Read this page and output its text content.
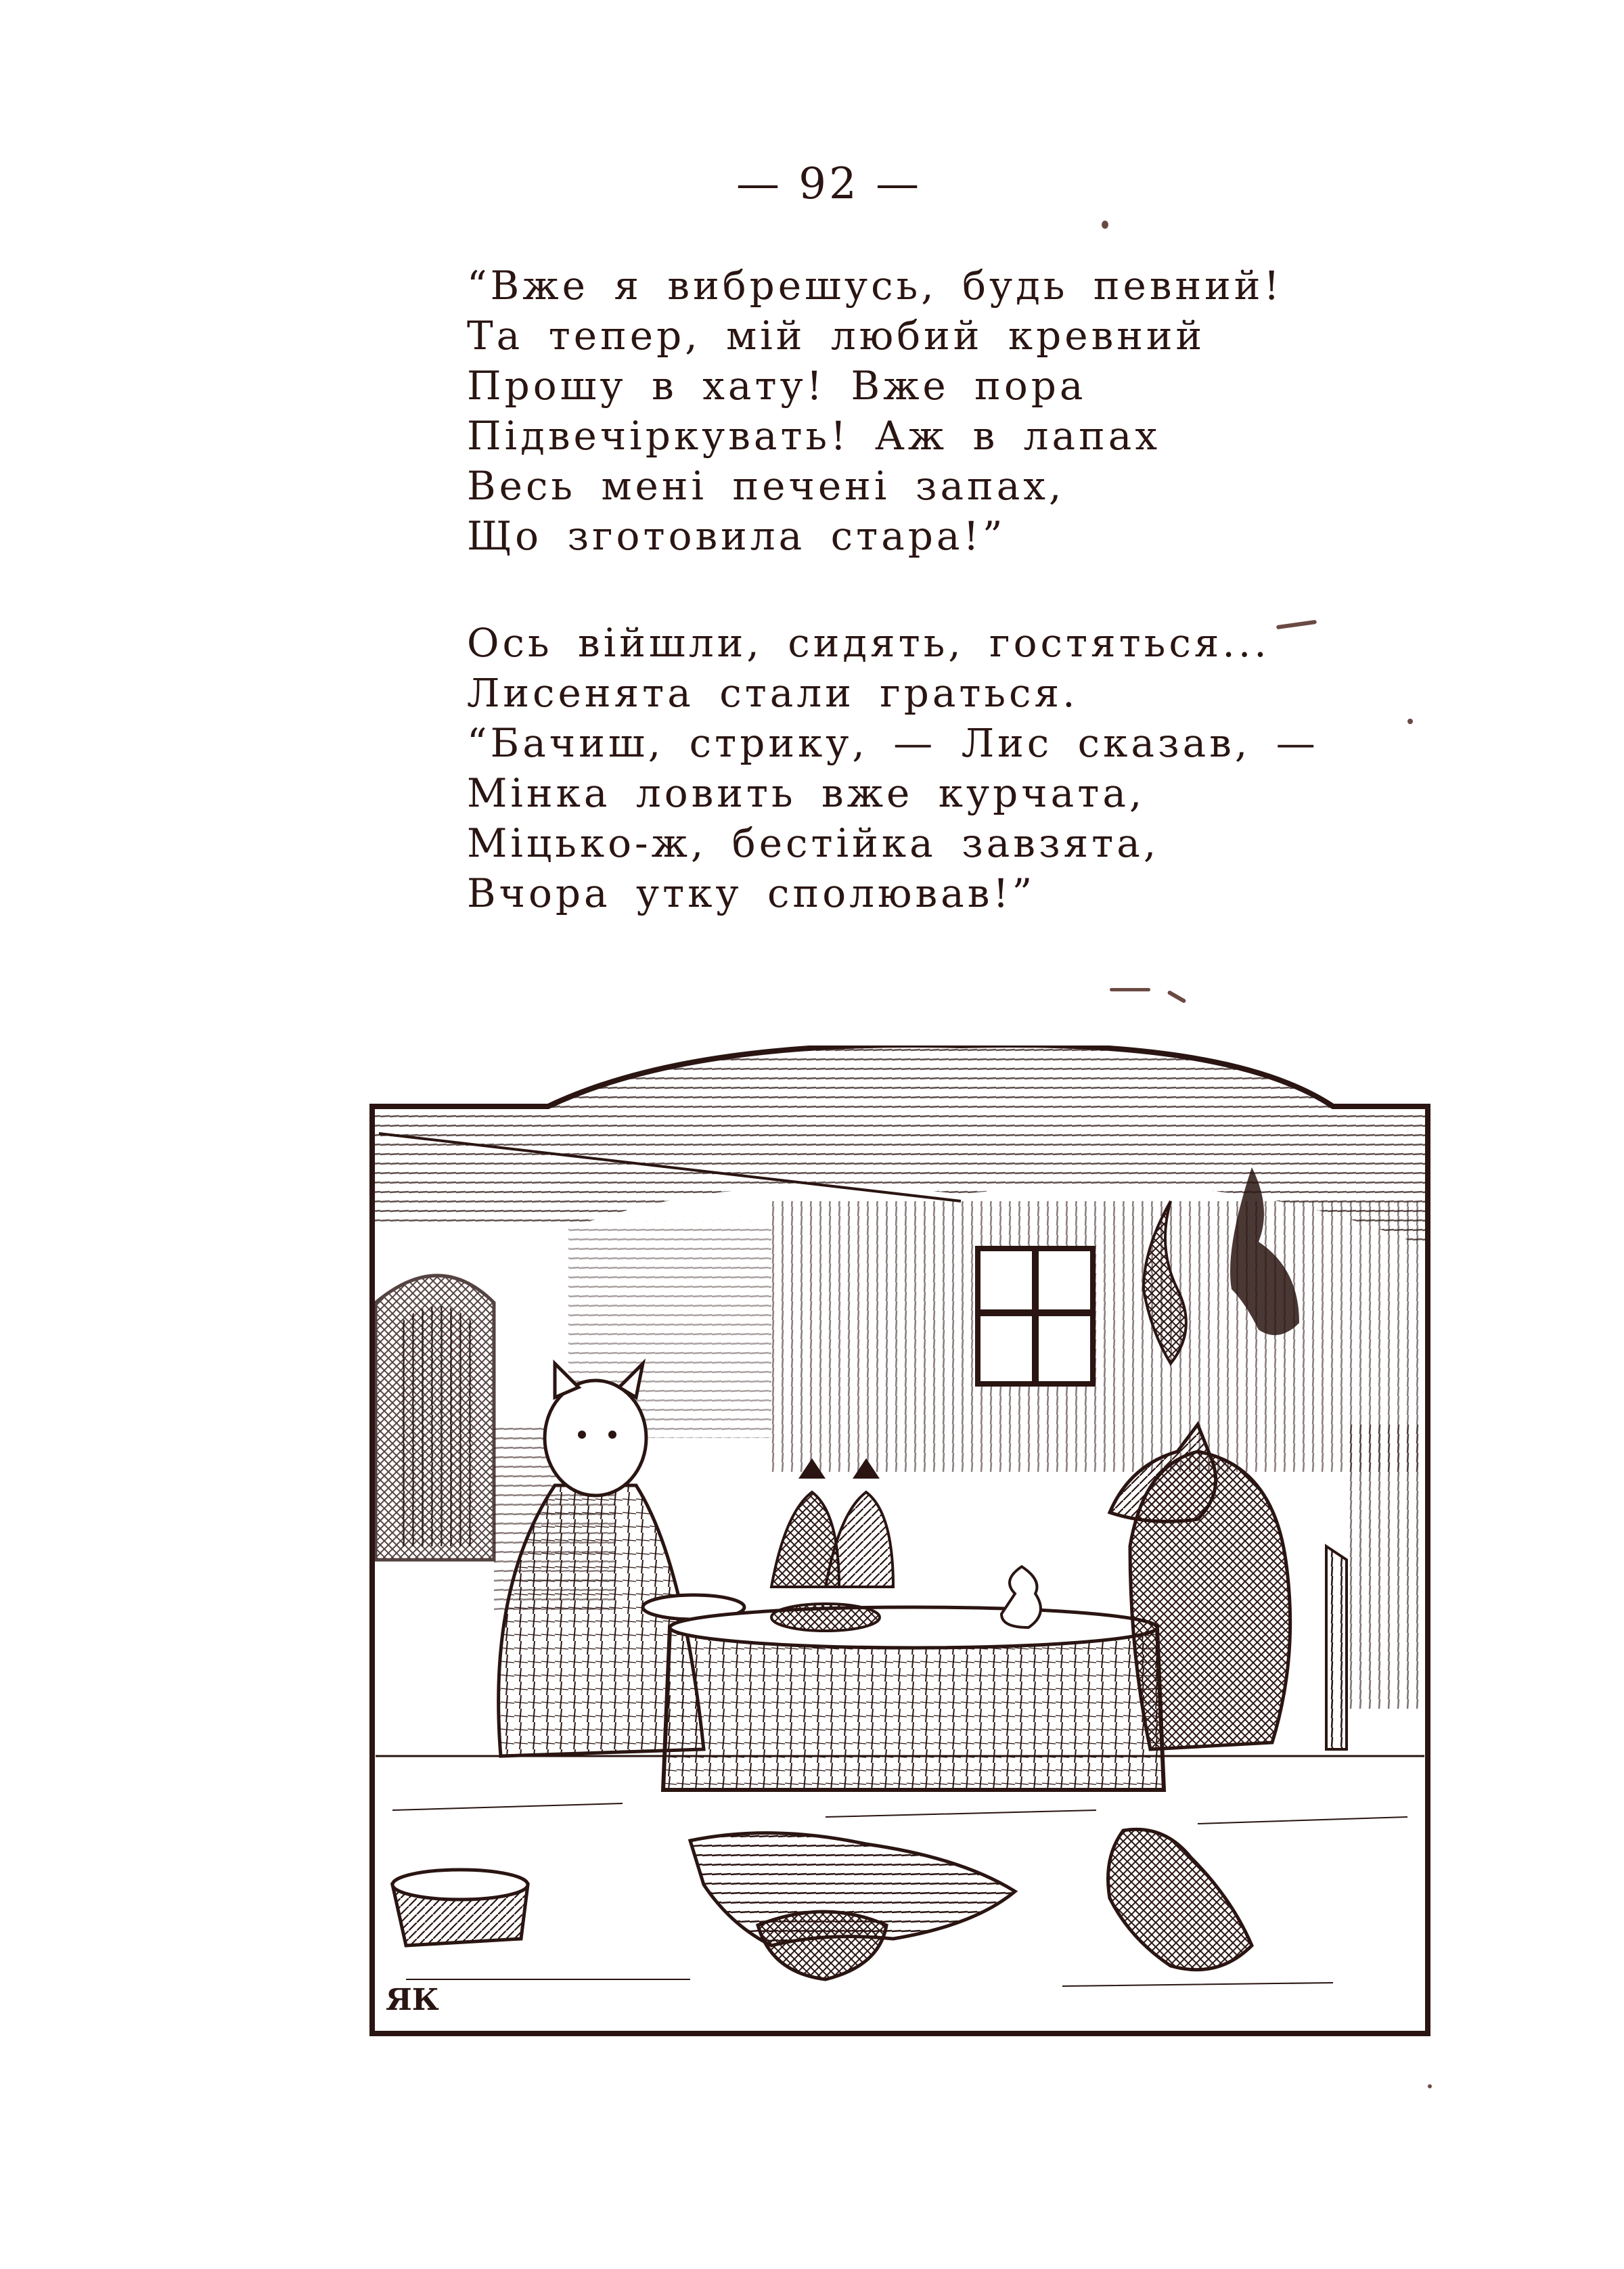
— 92 —
“Вже я вибрешусь, будь певний!
Та тепер, мій любий кревний
Прошу в хату! Вже пора
Підвечіркувать! Аж в лапах
Весь мені печені запах,
Що зготовила стара!”
Ось війшли, сидять, гостяться...
Лисенята стали граться.
“Бачиш, стрику, — Лис сказав, —
Мінка ловить вже курчата,
Міцько-ж, бестійка завзята,
Вчора утку сполював!”
ЯК
